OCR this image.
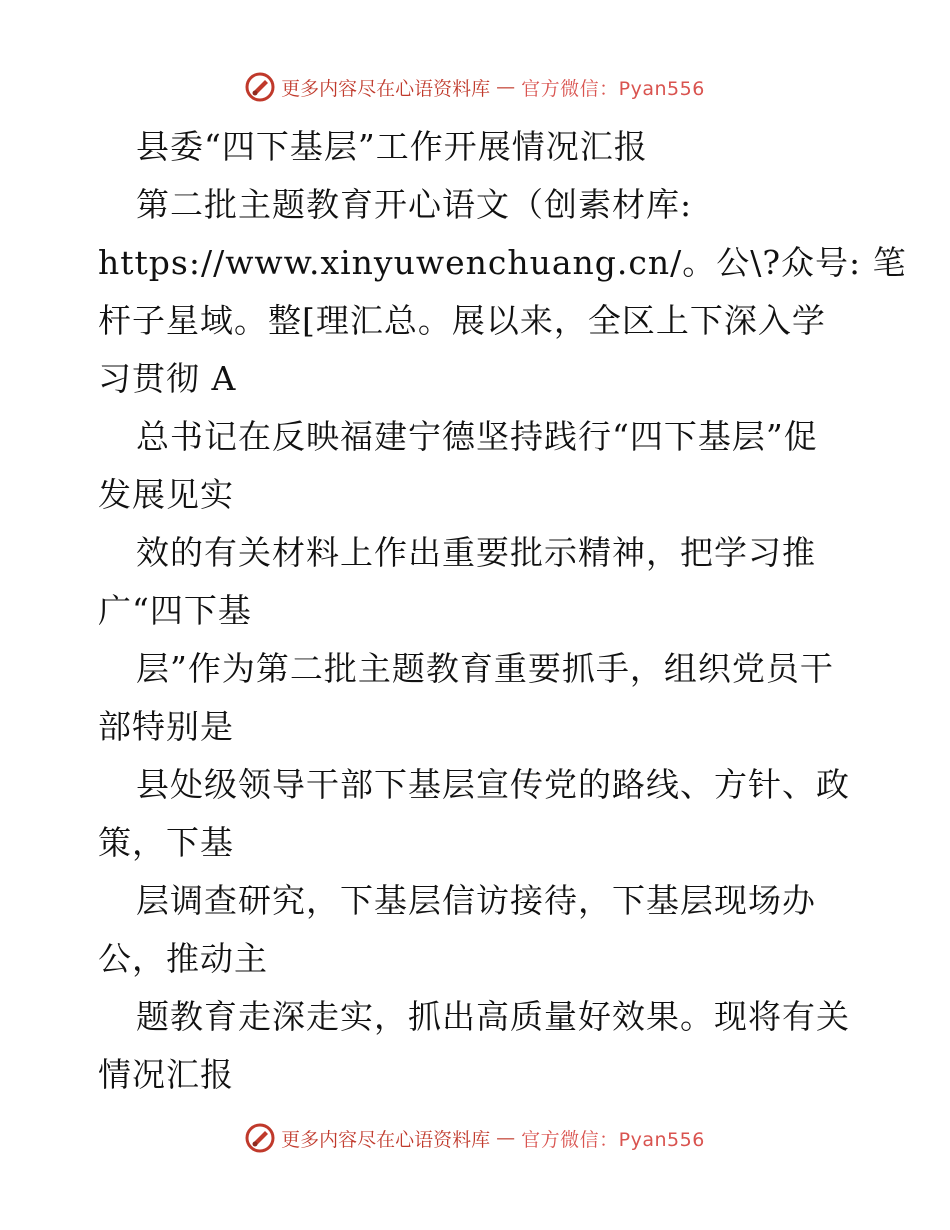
更多内容尽在心语资料库 — 官方微信：Pyan556

县委“四下基层”工作开展情况汇报
第二批主题教育开心语文（创素材库:
https://www.xinyuwenchuang.cn/。公\?众号: 笔
杆子星域。整[理汇总。展以来，全区上下深入学
习贯彻 A
总书记在反映福建宁德坚持践行“四下基层”促
发展见实
效的有关材料上作出重要批示精神，把学习推
广“四下基
层”作为第二批主题教育重要抓手，组织党员干
部特别是
县处级领导干部下基层宣传党的路线、方针、政
策，下基
层调查研究，下基层信访接待，下基层现场办
公，推动主
题教育走深走实，抓出高质量好效果。现将有关
情况汇报

更多内容尽在心语资料库 — 官方微信：Pyan556
